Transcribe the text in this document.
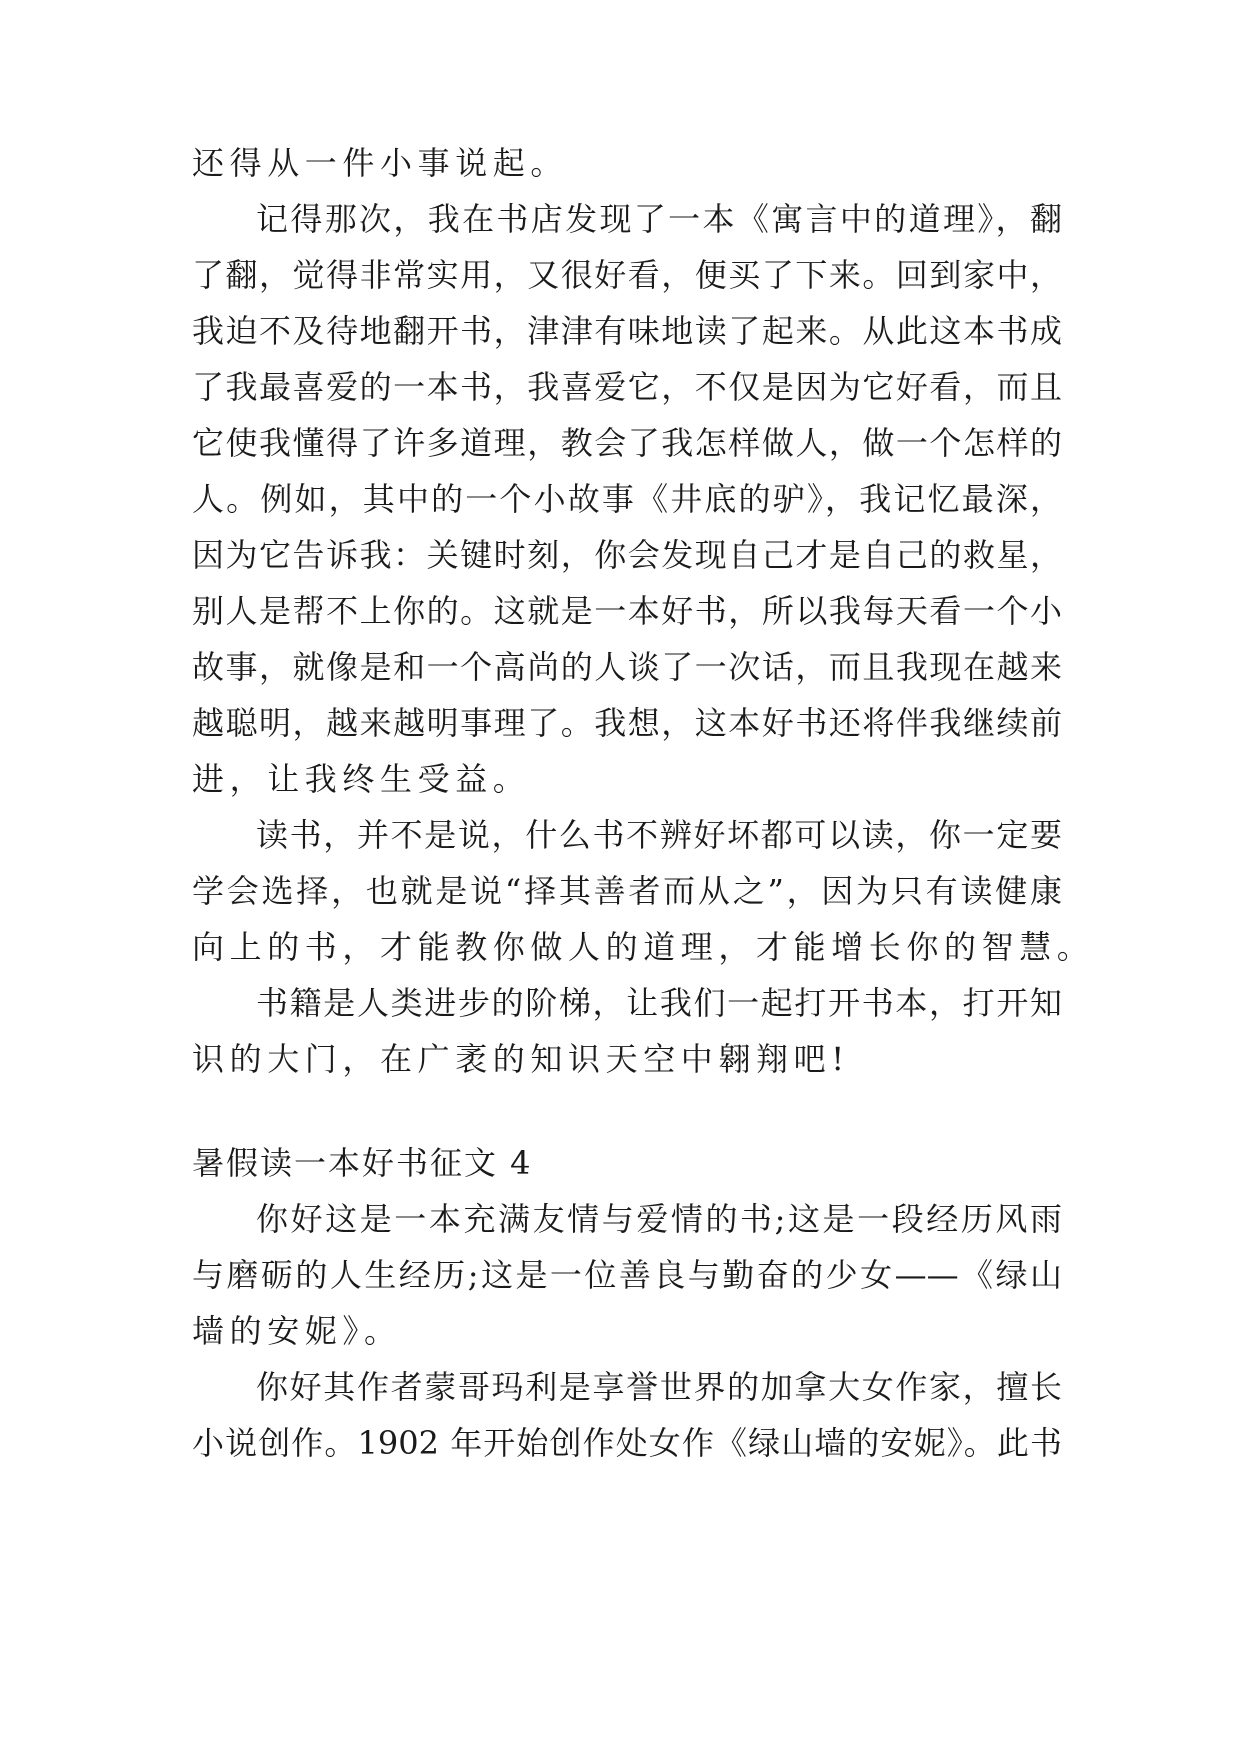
还得从一件小事说起。
记得那次，我在书店发现了一本《寓言中的道理》，翻
了翻，觉得非常实用，又很好看，便买了下来。回到家中，
我迫不及待地翻开书，津津有味地读了起来。从此这本书成
了我最喜爱的一本书，我喜爱它，不仅是因为它好看，而且
它使我懂得了许多道理，教会了我怎样做人，做一个怎样的
人。例如，其中的一个小故事《井底的驴》，我记忆最深，
因为它告诉我：关键时刻，你会发现自己才是自己的救星，
别人是帮不上你的。这就是一本好书，所以我每天看一个小
故事，就像是和一个高尚的人谈了一次话，而且我现在越来
越聪明，越来越明事理了。我想，这本好书还将伴我继续前
进，让我终生受益。
读书，并不是说，什么书不辨好坏都可以读，你一定要
学会选择，也就是说“择其善者而从之”，因为只有读健康
向上的书，才能教你做人的道理，才能增长你的智慧。
书籍是人类进步的阶梯，让我们一起打开书本，打开知
识的大门，在广袤的知识天空中翱翔吧!
暑假读一本好书征文 4
你好这是一本充满友情与爱情的书;这是一段经历风雨
与磨砺的人生经历;这是一位善良与勤奋的少女——《绿山
墙的安妮》。
你好其作者蒙哥玛利是享誉世界的加拿大女作家，擅长
小说创作。1902 年开始创作处女作《绿山墙的安妮》。此书
